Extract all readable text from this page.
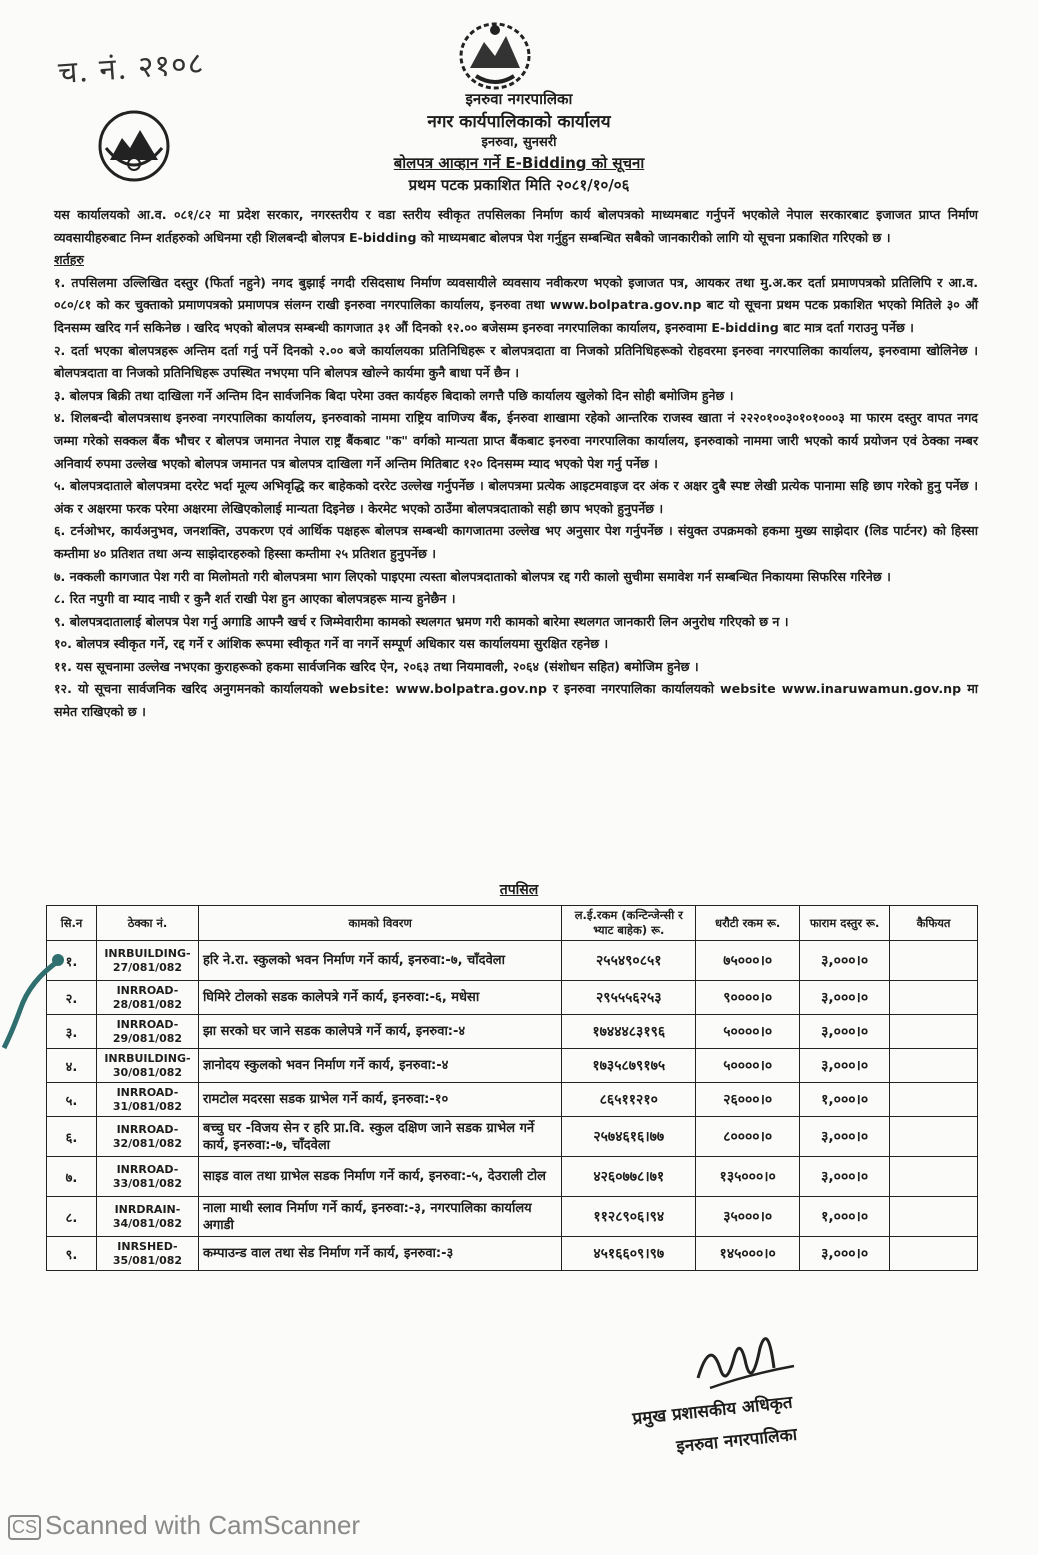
च. नं. २१०८
इनरुवा नगरपालिका
नगर कार्यपालिकाको कार्यालय
इनरुवा, सुनसरी
बोलपत्र आव्हान गर्ने E-Bidding को सूचना
प्रथम पटक प्रकाशित मिति २०८१/१०/०६

यस कार्यालयको आ.व. ०८१/८२ मा प्रदेश सरकार, नगरस्तरीय र वडा स्तरीय स्वीकृत तपसिलका निर्माण कार्य बोलपत्रको माध्यमबाट गर्नुपर्ने भएकोले नेपाल सरकारबाट इजाजत प्राप्त निर्माण व्यवसायीहरुबाट निम्न शर्तहरुको अधिनमा रही शिलबन्दी बोलपत्र E-bidding को माध्यमबाट बोलपत्र पेश गर्नुहुन सम्बन्धित सबैको जानकारीको लागि यो सूचना प्रकाशित गरिएको छ ।

शर्तहरु

१. तपसिलमा उल्लिखित दस्तुर (फिर्ता नहुने) नगद बुझाई नगदी रसिदसाथ निर्माण व्यवसायीले व्यवसाय नवीकरण भएको इजाजत पत्र, आयकर तथा मु.अ.कर दर्ता प्रमाणपत्रको प्रतिलिपि र आ.व. ०८०/८१ को कर चुक्ताको प्रमाणपत्रको प्रमाणपत्र संलग्न राखी इनरुवा नगरपालिका कार्यालय, इनरुवा तथा www.bolpatra.gov.np बाट यो सूचना प्रथम पटक प्रकाशित भएको मितिले ३० औं दिनसम्म खरिद गर्न सकिनेछ । खरिद भएको बोलपत्र सम्बन्धी कागजात ३१ औं दिनको १२.०० बजेसम्म इनरुवा नगरपालिका कार्यालय, इनरुवामा E-bidding बाट मात्र दर्ता गराउनु पर्नेछ ।

२. दर्ता भएका बोलपत्रहरू अन्तिम दर्ता गर्नु पर्ने दिनको २.०० बजे कार्यालयका प्रतिनिधिहरू र बोलपत्रदाता वा निजको प्रतिनिधिहरूको रोहवरमा इनरुवा नगरपालिका कार्यालय, इनरुवामा खोलिनेछ । बोलपत्रदाता वा निजको प्रतिनिधिहरू उपस्थित नभएमा पनि बोलपत्र खोल्ने कार्यमा कुनै बाधा पर्ने छैन ।

३. बोलपत्र बिक्री तथा दाखिला गर्ने अन्तिम दिन सार्वजनिक बिदा परेमा उक्त कार्यहरु बिदाको लगत्तै पछि कार्यालय खुलेको दिन सोही बमोजिम हुनेछ ।

४. शिलबन्दी बोलपत्रसाथ इनरुवा नगरपालिका कार्यालय, इनरुवाको नाममा राष्ट्रिय वाणिज्य बैंक, ईनरुवा शाखामा रहेको आन्तरिक राजस्व खाता नं २२२०१००३०१०१०००३ मा फारम दस्तुर वापत नगद जम्मा गरेको सक्कल बैंक भौचर र बोलपत्र जमानत नेपाल राष्ट्र बैंकबाट "क" वर्गको मान्यता प्राप्त बैंकबाट इनरुवा नगरपालिका कार्यालय, इनरुवाको नाममा जारी भएको कार्य प्रयोजन एवं ठेक्का नम्बर अनिवार्य रुपमा उल्लेख भएको बोलपत्र जमानत पत्र बोलपत्र दाखिला गर्ने अन्तिम मितिबाट १२० दिनसम्म म्याद भएको पेश गर्नु पर्नेछ ।

५. बोलपत्रदाताले बोलपत्रमा दररेट भर्दा मूल्य अभिवृद्धि कर बाहेकको दररेट उल्लेख गर्नुपर्नेछ । बोलपत्रमा प्रत्येक आइटमवाइज दर अंक र अक्षर दुबै स्पष्ट लेखी प्रत्येक पानामा सहि छाप गरेको हुनु पर्नेछ । अंक र अक्षरमा फरक परेमा अक्षरमा लेखिएकोलाई मान्यता दिइनेछ । केरमेट भएको ठाउँमा बोलपत्रदाताको सही छाप भएको हुनुपर्नेछ ।

६. टर्नओभर, कार्यअनुभव, जनशक्ति, उपकरण एवं आर्थिक पक्षहरू बोलपत्र सम्बन्धी कागजातमा उल्लेख भए अनुसार पेश गर्नुपर्नेछ । संयुक्त उपक्रमको हकमा मुख्य साझेदार (लिड पार्टनर) को हिस्सा कम्तीमा ४० प्रतिशत तथा अन्य साझेदारहरुको हिस्सा कम्तीमा २५ प्रतिशत हुनुपर्नेछ ।

७. नक्कली कागजात पेश गरी वा मिलोमतो गरी बोलपत्रमा भाग लिएको पाइएमा त्यस्ता बोलपत्रदाताको बोलपत्र रद्द गरी कालो सुचीमा समावेश गर्न सम्बन्धित निकायमा सिफरिस गरिनेछ ।

८. रित नपुगी वा म्याद नाघी र कुनै शर्त राखी पेश हुन आएका बोलपत्रहरू मान्य हुनेछैन ।

९. बोलपत्रदातालाई बोलपत्र पेश गर्नु अगाडि आफ्नै खर्च र जिम्मेवारीमा कामको स्थलगत भ्रमण गरी कामको बारेमा स्थलगत जानकारी लिन अनुरोध गरिएको छ न ।

१०. बोलपत्र स्वीकृत गर्ने, रद्द गर्ने र आंशिक रूपमा स्वीकृत गर्ने वा नगर्ने सम्पूर्ण अधिकार यस कार्यालयमा सुरक्षित रहनेछ ।

११. यस सूचनामा उल्लेख नभएका कुराहरूको हकमा सार्वजनिक खरिद ऐन, २०६३ तथा नियमावली, २०६४ (संशोधन सहित) बमोजिम हुनेछ ।

१२. यो सूचना सार्वजनिक खरिद अनुगमनको कार्यालयको website: www.bolpatra.gov.np र इनरुवा नगरपालिका कार्यालयको website www.inaruwamun.gov.np मा समेत राखिएको छ ।

तपसिल
सि.न	ठेक्का नं.	कामको विवरण	ल.ई.रकम (कन्टिन्जेन्सी र भ्याट बाहेक) रू.	धरौटी रकम रू.	फाराम दस्तुर रू.	कैफियत
१.	INRBUILDING-27/081/082	हरि ने.रा. स्कुलको भवन निर्माण गर्ने कार्य, इनरुवा:-७, चाँदवेला	२५५४९०८५१	७५०००।०	३,०००।०	
२.	INRROAD-28/081/082	घिमिरे टोलको सडक कालेपत्रे गर्ने कार्य, इनरुवा:-६, मधेसा	२९५५५६२५३	९००००।०	३,०००।०	
३.	INRROAD-29/081/082	झा सरको घर जाने सडक कालेपत्रे गर्ने कार्य, इनरुवा:-४	१७४४४८३१९६	५००००।०	३,०००।०	
४.	INRBUILDING-30/081/082	ज्ञानोदय स्कुलको भवन निर्माण गर्ने कार्य, इनरुवा:-४	१७३५८७९१७५	५००००।०	३,०००।०	
५.	INRROAD-31/081/082	रामटोल मदरसा सडक ग्राभेल गर्ने कार्य, इनरुवा:-१०	८६५११२१०	२६०००।०	१,०००।०	
६.	INRROAD-32/081/082	बच्चु घर -विजय सेन र हरि प्रा.वि. स्कुल दक्षिण जाने सडक ग्राभेल गर्ने कार्य, इनरुवा:-७, चाँदवेला	२५७४६१६।७७	८००००।०	३,०००।०	
७.	INRROAD-33/081/082	साइड वाल तथा ग्राभेल सडक निर्माण गर्ने कार्य, इनरुवा:-५, देउराली टोल	४२६०७७८।७१	१३५०००।०	३,०००।०	
८.	INRDRAIN-34/081/082	नाला माथी स्लाव निर्माण गर्ने कार्य, इनरुवा:-३, नगरपालिका कार्यालय अगाडी	११२८९०६।९४	३५०००।०	१,०००।०	
९.	INRSHED-35/081/082	कम्पाउन्ड वाल तथा सेड निर्माण गर्ने कार्य, इनरुवा:-३	४५१६६०९।९७	१४५०००।०	३,०००।०	
प्रमुख प्रशासकीय अधिकृत
इनरुवा नगरपालिका
CS Scanned with CamScanner
